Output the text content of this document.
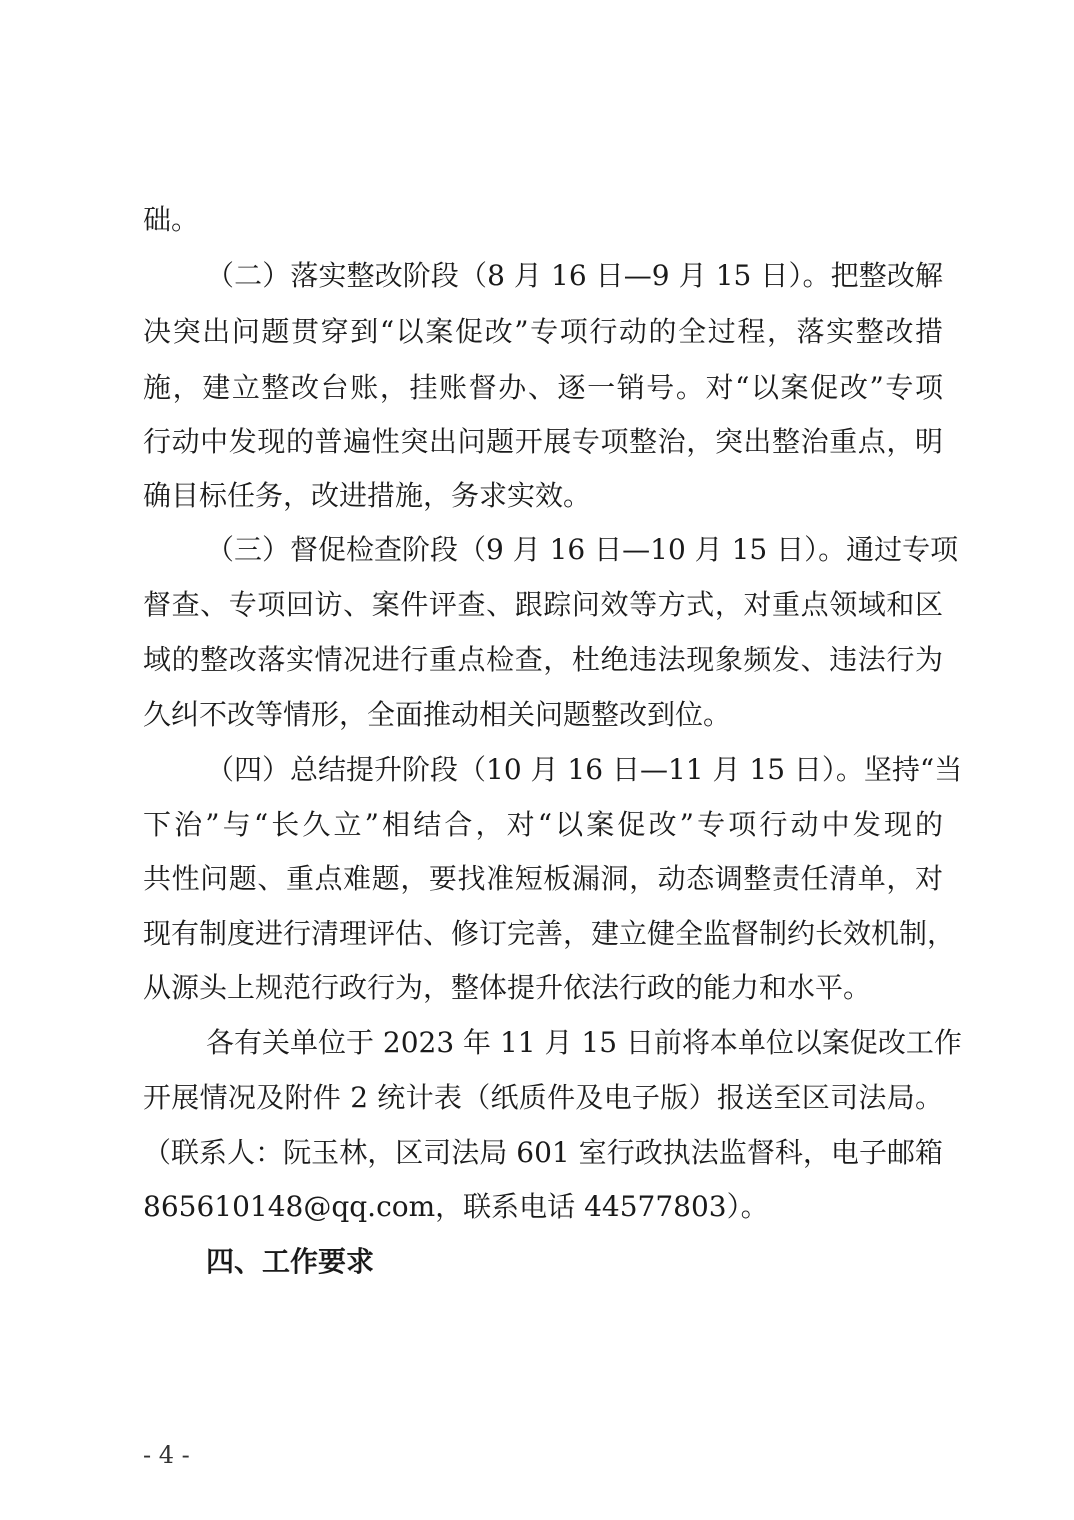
础。
（二）落实整改阶段（8 月 16 日—9 月 15 日）。把整改解
决突出问题贯穿到“以案促改”专项行动的全过程，落实整改措
施，建立整改台账，挂账督办、逐一销号。对“以案促改”专项
行动中发现的普遍性突出问题开展专项整治，突出整治重点，明
确目标任务，改进措施，务求实效。
（三）督促检查阶段（9 月 16 日—10 月 15 日）。通过专项
督查、专项回访、案件评查、跟踪问效等方式，对重点领域和区
域的整改落实情况进行重点检查，杜绝违法现象频发、违法行为
久纠不改等情形，全面推动相关问题整改到位。
（四）总结提升阶段（10 月 16 日—11 月 15 日）。坚持“当
下治”与“长久立”相结合，对“以案促改”专项行动中发现的
共性问题、重点难题，要找准短板漏洞，动态调整责任清单，对
现有制度进行清理评估、修订完善，建立健全监督制约长效机制，
从源头上规范行政行为，整体提升依法行政的能力和水平。
各有关单位于 2023 年 11 月 15 日前将本单位以案促改工作
开展情况及附件 2 统计表（纸质件及电子版）报送至区司法局。
（联系人：阮玉林，区司法局 601 室行政执法监督科，电子邮箱
865610148@qq.com，联系电话 44577803）。
四、工作要求
- 4 -
